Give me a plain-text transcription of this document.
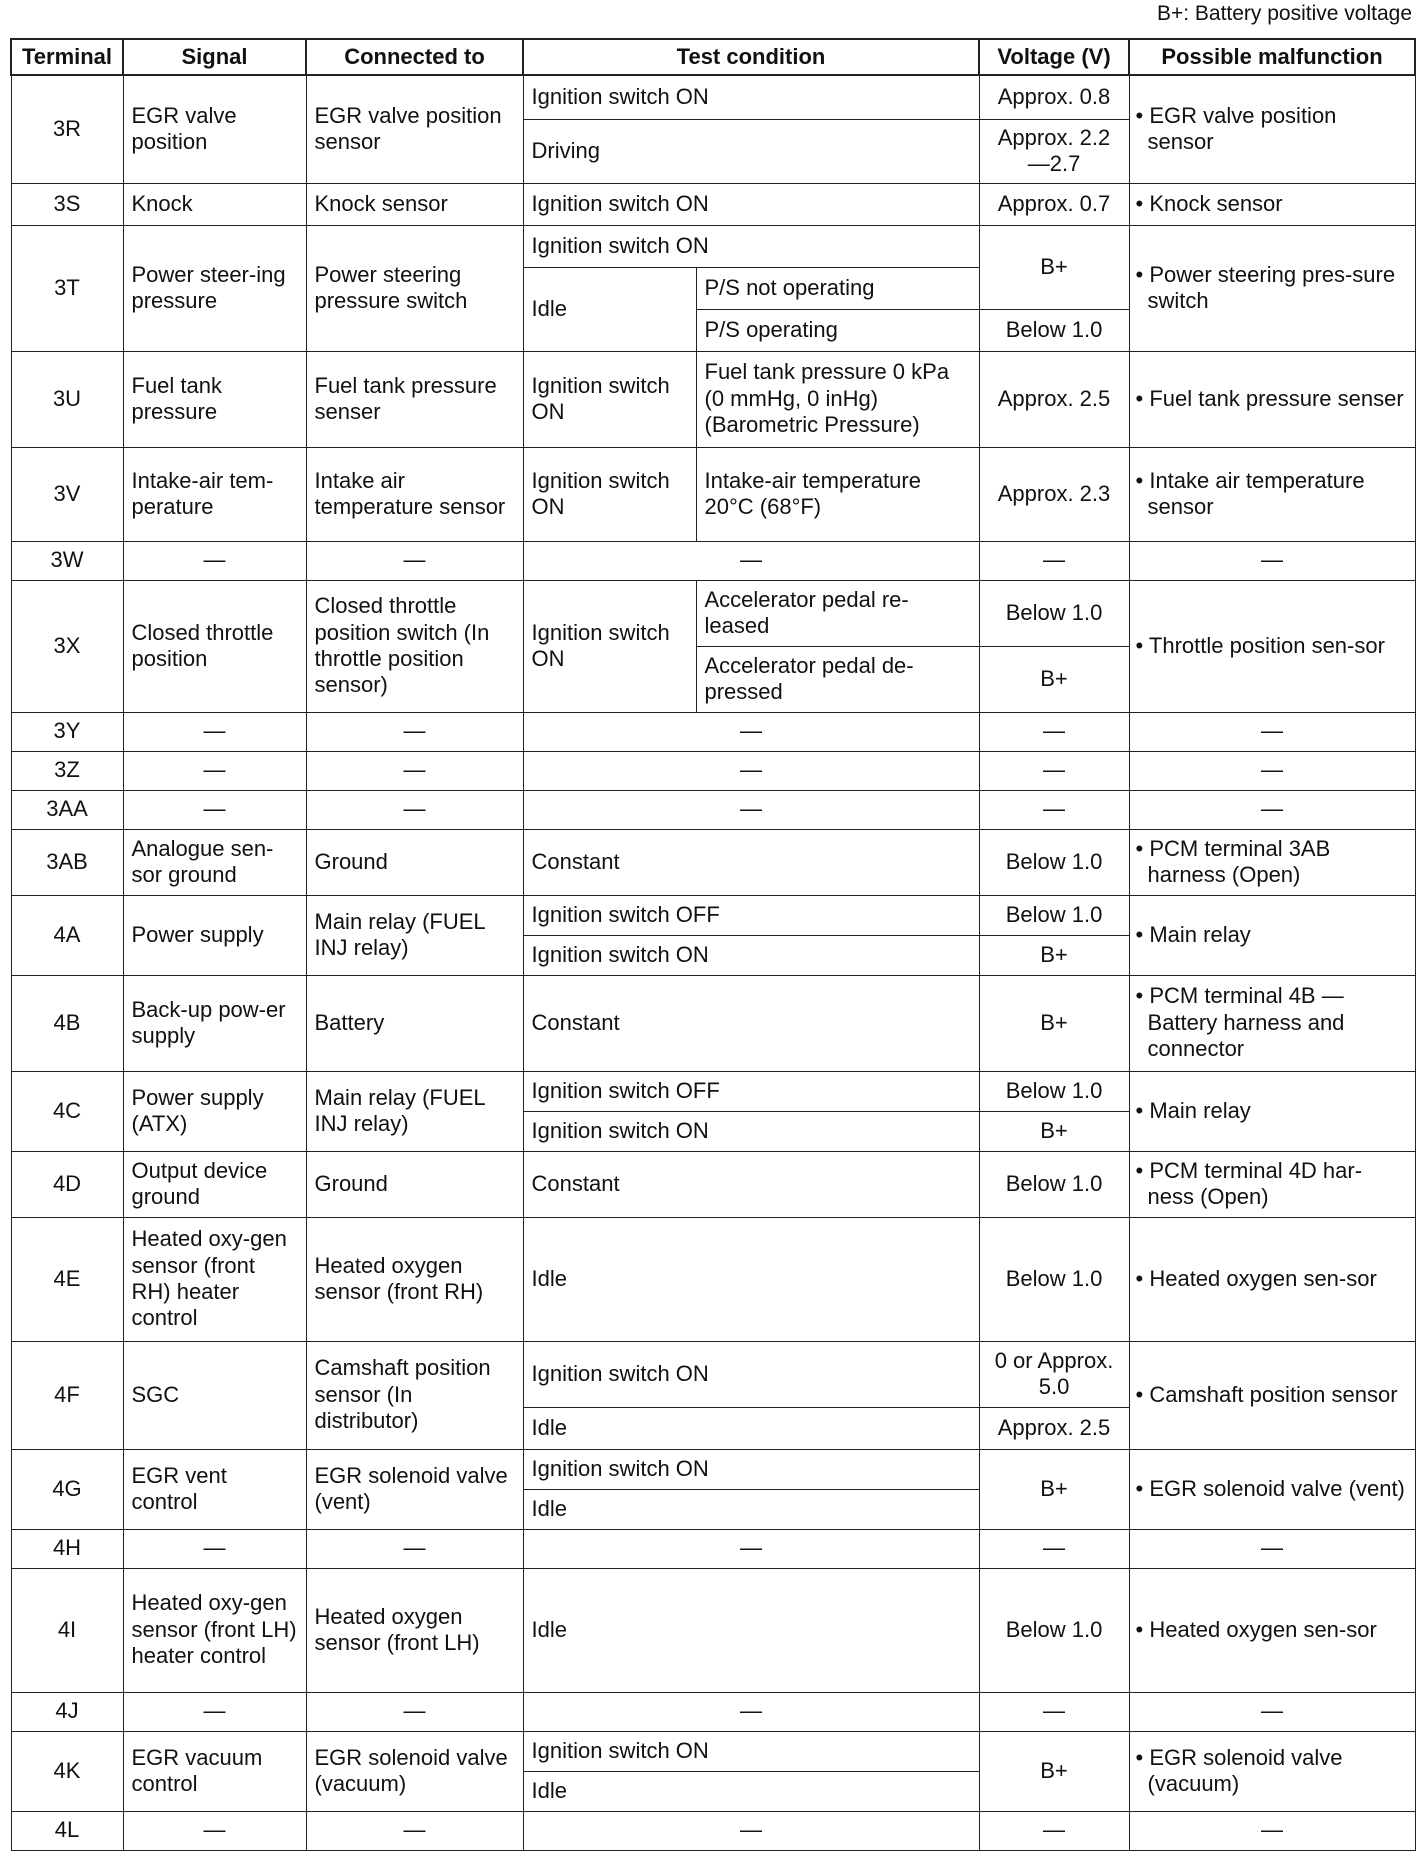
B+: Battery positive voltage
Terminal	Signal	Connected to	Test condition		Voltage (V)	Possible malfunction
3R	EGR valve position	EGR valve position sensor	Ignition switch ON		Approx. 0.8	• EGR valve position sensor
			Driving		Approx. 2.2—2.7	
3S	Knock	Knock sensor	Ignition switch ON		Approx. 0.7	• Knock sensor
3T	Power steer-ing pressure	Power steering pressure switch	Ignition switch ON		B+	• Power steering pres-sure switch
			Idle	P/S not operating		
				P/S operating	Below 1.0	
3U	Fuel tank pressure	Fuel tank pressure senser	Ignition switch ON	Fuel tank pressure 0 kPa (0 mmHg, 0 inHg) (Barometric Pressure)	Approx. 2.5	• Fuel tank pressure senser
3V	Intake-air tem-perature	Intake air temperature sensor	Ignition switch ON	Intake-air temperature 20°C (68°F)	Approx. 2.3	• Intake air temperature sensor
3W	—	—	—		—	—
3X	Closed throttle position	Closed throttle position switch (In throttle position sensor)	Ignition switch ON	Accelerator pedal re-leased	Below 1.0	• Throttle position sen-sor
				Accelerator pedal de-pressed	B+	
3Y	—	—	—		—	—
3Z	—	—	—		—	—
3AA	—	—	—		—	—
3AB	Analogue sen-sor ground	Ground	Constant		Below 1.0	• PCM terminal 3AB harness (Open)
4A	Power supply	Main relay (FUEL INJ relay)	Ignition switch OFF		Below 1.0	• Main relay
			Ignition switch ON		B+	
4B	Back-up pow-er supply	Battery	Constant		B+	• PCM terminal 4B — Battery harness and connector
4C	Power supply (ATX)	Main relay (FUEL INJ relay)	Ignition switch OFF		Below 1.0	• Main relay
			Ignition switch ON		B+	
4D	Output device ground	Ground	Constant		Below 1.0	• PCM terminal 4D har-ness (Open)
4E	Heated oxy-gen sensor (front RH) heater control	Heated oxygen sensor (front RH)	Idle		Below 1.0	• Heated oxygen sen-sor
4F	SGC	Camshaft position sensor (In distributor)	Ignition switch ON		0 or Approx. 5.0	• Camshaft position sensor
			Idle		Approx. 2.5	
4G	EGR vent control	EGR solenoid valve (vent)	Ignition switch ON		B+	• EGR solenoid valve (vent)
			Idle			
4H	—	—	—		—	—
4I	Heated oxy-gen sensor (front LH) heater control	Heated oxygen sensor (front LH)	Idle		Below 1.0	• Heated oxygen sen-sor
4J	—	—	—		—	—
4K	EGR vacuum control	EGR solenoid valve (vacuum)	Ignition switch ON		B+	• EGR solenoid valve (vacuum)
			Idle			
4L	—	—	—		—	—
